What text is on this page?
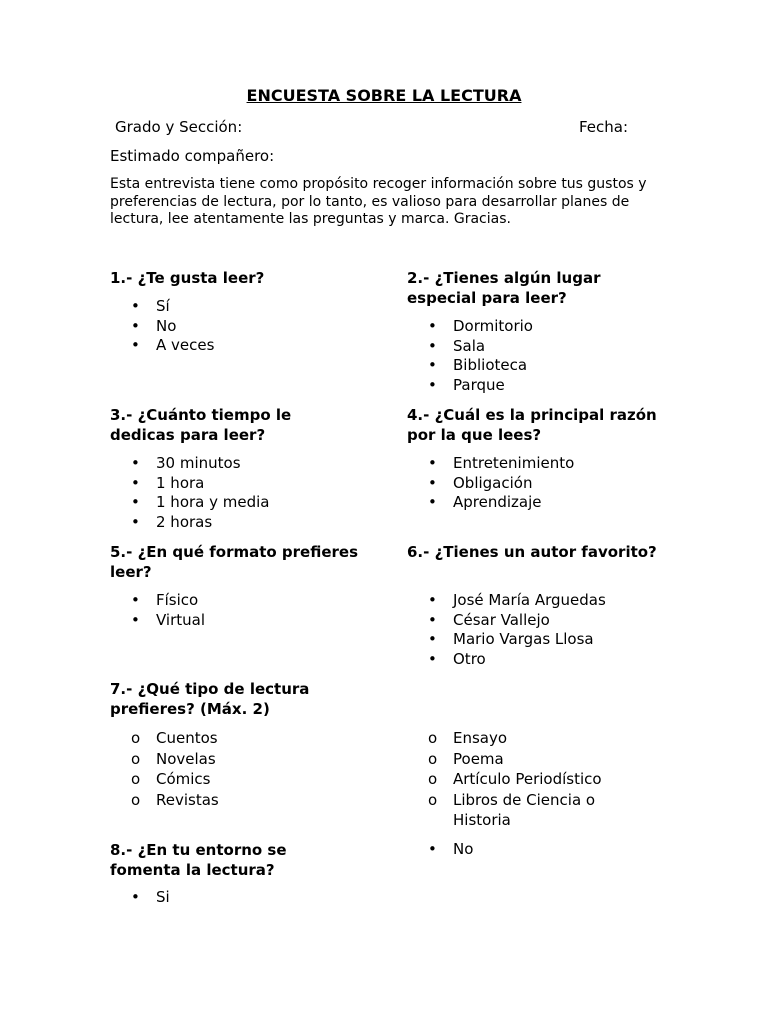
ENCUESTA SOBRE LA LECTURA
Grado y Sección:	Fecha:
Estimado compañero:
Esta entrevista tiene como propósito recoger información sobre tus gustos y preferencias de lectura, por lo tanto, es valioso para desarrollar planes de lectura, lee atentamente las preguntas y marca. Gracias.
1.- ¿Te gusta leer?
•	Sí
•	No
•	A veces
2.- ¿Tienes algún lugar especial para leer?
•	Dormitorio
•	Sala
•	Biblioteca
•	Parque
3.- ¿Cuánto tiempo le dedicas para leer?
•	30 minutos
•	1 hora
•	1 hora y media
•	2 horas
4.- ¿Cuál es la principal razón por la que lees?
•	Entretenimiento
•	Obligación
•	Aprendizaje
5.- ¿En qué formato prefieres leer?
•	Físico
•	Virtual
6.- ¿Tienes un autor favorito?
•	José María Arguedas
•	César Vallejo
•	Mario Vargas Llosa
•	Otro
7.- ¿Qué tipo de lectura prefieres? (Máx. 2)
o	Cuentos
o	Novelas
o	Cómics
o	Revistas
o	Ensayo
o	Poema
o	Artículo Periodístico
o	Libros de Ciencia o Historia
8.- ¿En tu entorno se fomenta la lectura?
•	Si
•	No
